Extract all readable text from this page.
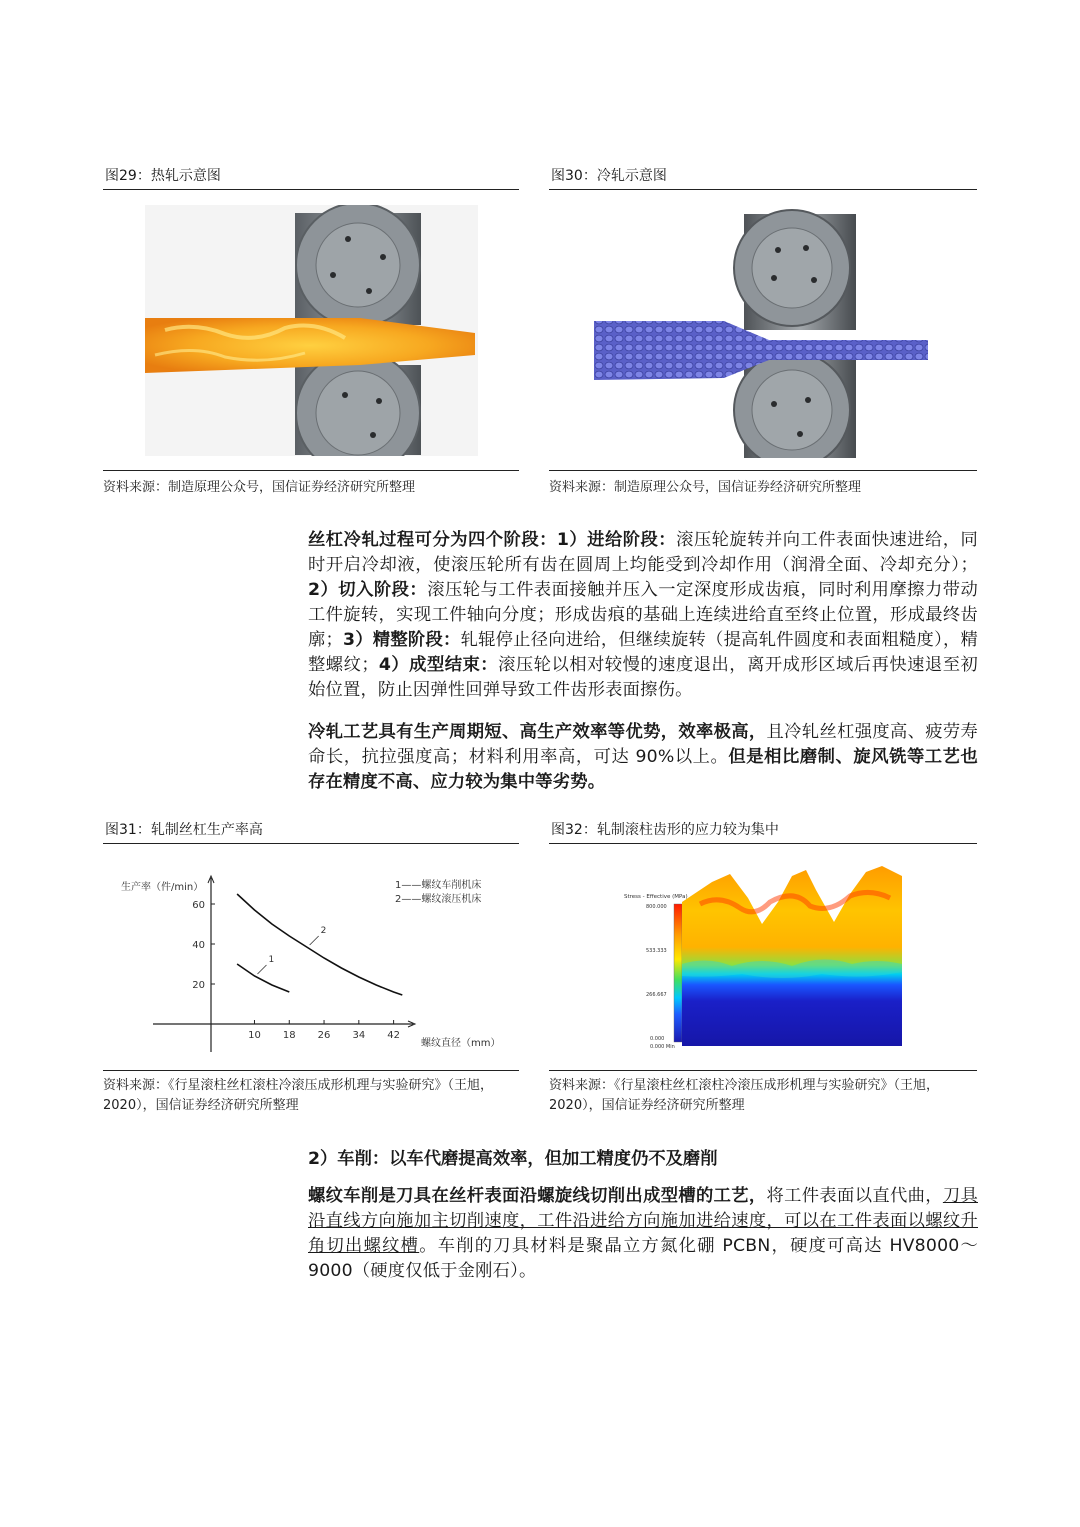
图29：热轧示意图
资料来源：制造原理公众号，国信证券经济研究所整理
图30：冷轧示意图
资料来源：制造原理公众号，国信证券经济研究所整理
丝杠冷轧过程可分为四个阶段：1）进给阶段：滚压轮旋转并向工件表面快速进给，同时开启冷却液，使滚压轮所有齿在圆周上均能受到冷却作用（润滑全面、冷却充分）；2）切入阶段：滚压轮与工件表面接触并压入一定深度形成齿痕，同时利用摩擦力带动工件旋转，实现工件轴向分度；形成齿痕的基础上连续进给直至终止位置，形成最终齿廓；3）精整阶段：轧辊停止径向进给，但继续旋转（提高轧件圆度和表面粗糙度），精整螺纹；4）成型结束：滚压轮以相对较慢的速度退出，离开成形区域后再快速退至初始位置，防止因弹性回弹导致工件齿形表面擦伤。
冷轧工艺具有生产周期短、高生产效率等优势，效率极高，且冷轧丝杠强度高、疲劳寿命长，抗拉强度高；材料利用率高，可达 90%以上。但是相比磨制、旋风铣等工艺也存在精度不高、应力较为集中等劣势。
图31：轧制丝杠生产率高
生产率（件/min）	1——螺纹车削机床
2——螺纹滚压机床
螺纹直径（mm）
10 18 26 34 42
20
40
60
1
2
资料来源：《行星滚柱丝杠滚柱冷滚压成形机理与实验研究》（王旭，2020），国信证券经济研究所整理
图32：轧制滚柱齿形的应力较为集中
Stress - Effective (MPa)
800.000
533.333
266.667
0.000
0.000 Min
资料来源：《行星滚柱丝杠滚柱冷滚压成形机理与实验研究》（王旭，2020），国信证券经济研究所整理
2）车削：以车代磨提高效率，但加工精度仍不及磨削
螺纹车削是刀具在丝杆表面沿螺旋线切削出成型槽的工艺，将工件表面以直代曲，刀具沿直线方向施加主切削速度，工件沿进给方向施加进给速度，可以在工件表面以螺纹升角切出螺纹槽。车削的刀具材料是聚晶立方氮化硼 PCBN，硬度可高达 HV8000～9000（硬度仅低于金刚石）。
